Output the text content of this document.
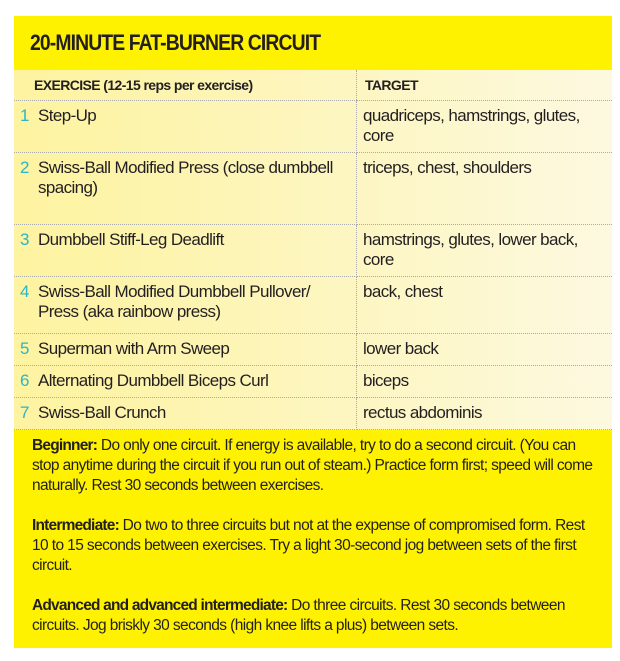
20-MINUTE FAT-BURNER CIRCUIT
EXERCISE (12-15 reps per exercise)	TARGET
1 Step-Up	quadriceps, hamstrings, glutes, core
2 Swiss-Ball Modified Press (close dumbbell spacing)	triceps, chest, shoulders
3 Dumbbell Stiff-Leg Deadlift	hamstrings, glutes, lower back, core
4 Swiss-Ball Modified Dumbbell Pullover/ Press (aka rainbow press)	back, chest
5 Superman with Arm Sweep	lower back
6 Alternating Dumbbell Biceps Curl	biceps
7 Swiss-Ball Crunch	rectus abdominis

Beginner: Do only one circuit. If energy is available, try to do a second circuit. (You can stop anytime during the circuit if you run out of steam.) Practice form first; speed will come naturally. Rest 30 seconds between exercises.

Intermediate: Do two to three circuits but not at the expense of compromised form. Rest 10 to 15 seconds between exercises. Try a light 30-second jog between sets of the first circuit.

Advanced and advanced intermediate: Do three circuits. Rest 30 seconds between circuits. Jog briskly 30 seconds (high knee lifts a plus) between sets.
